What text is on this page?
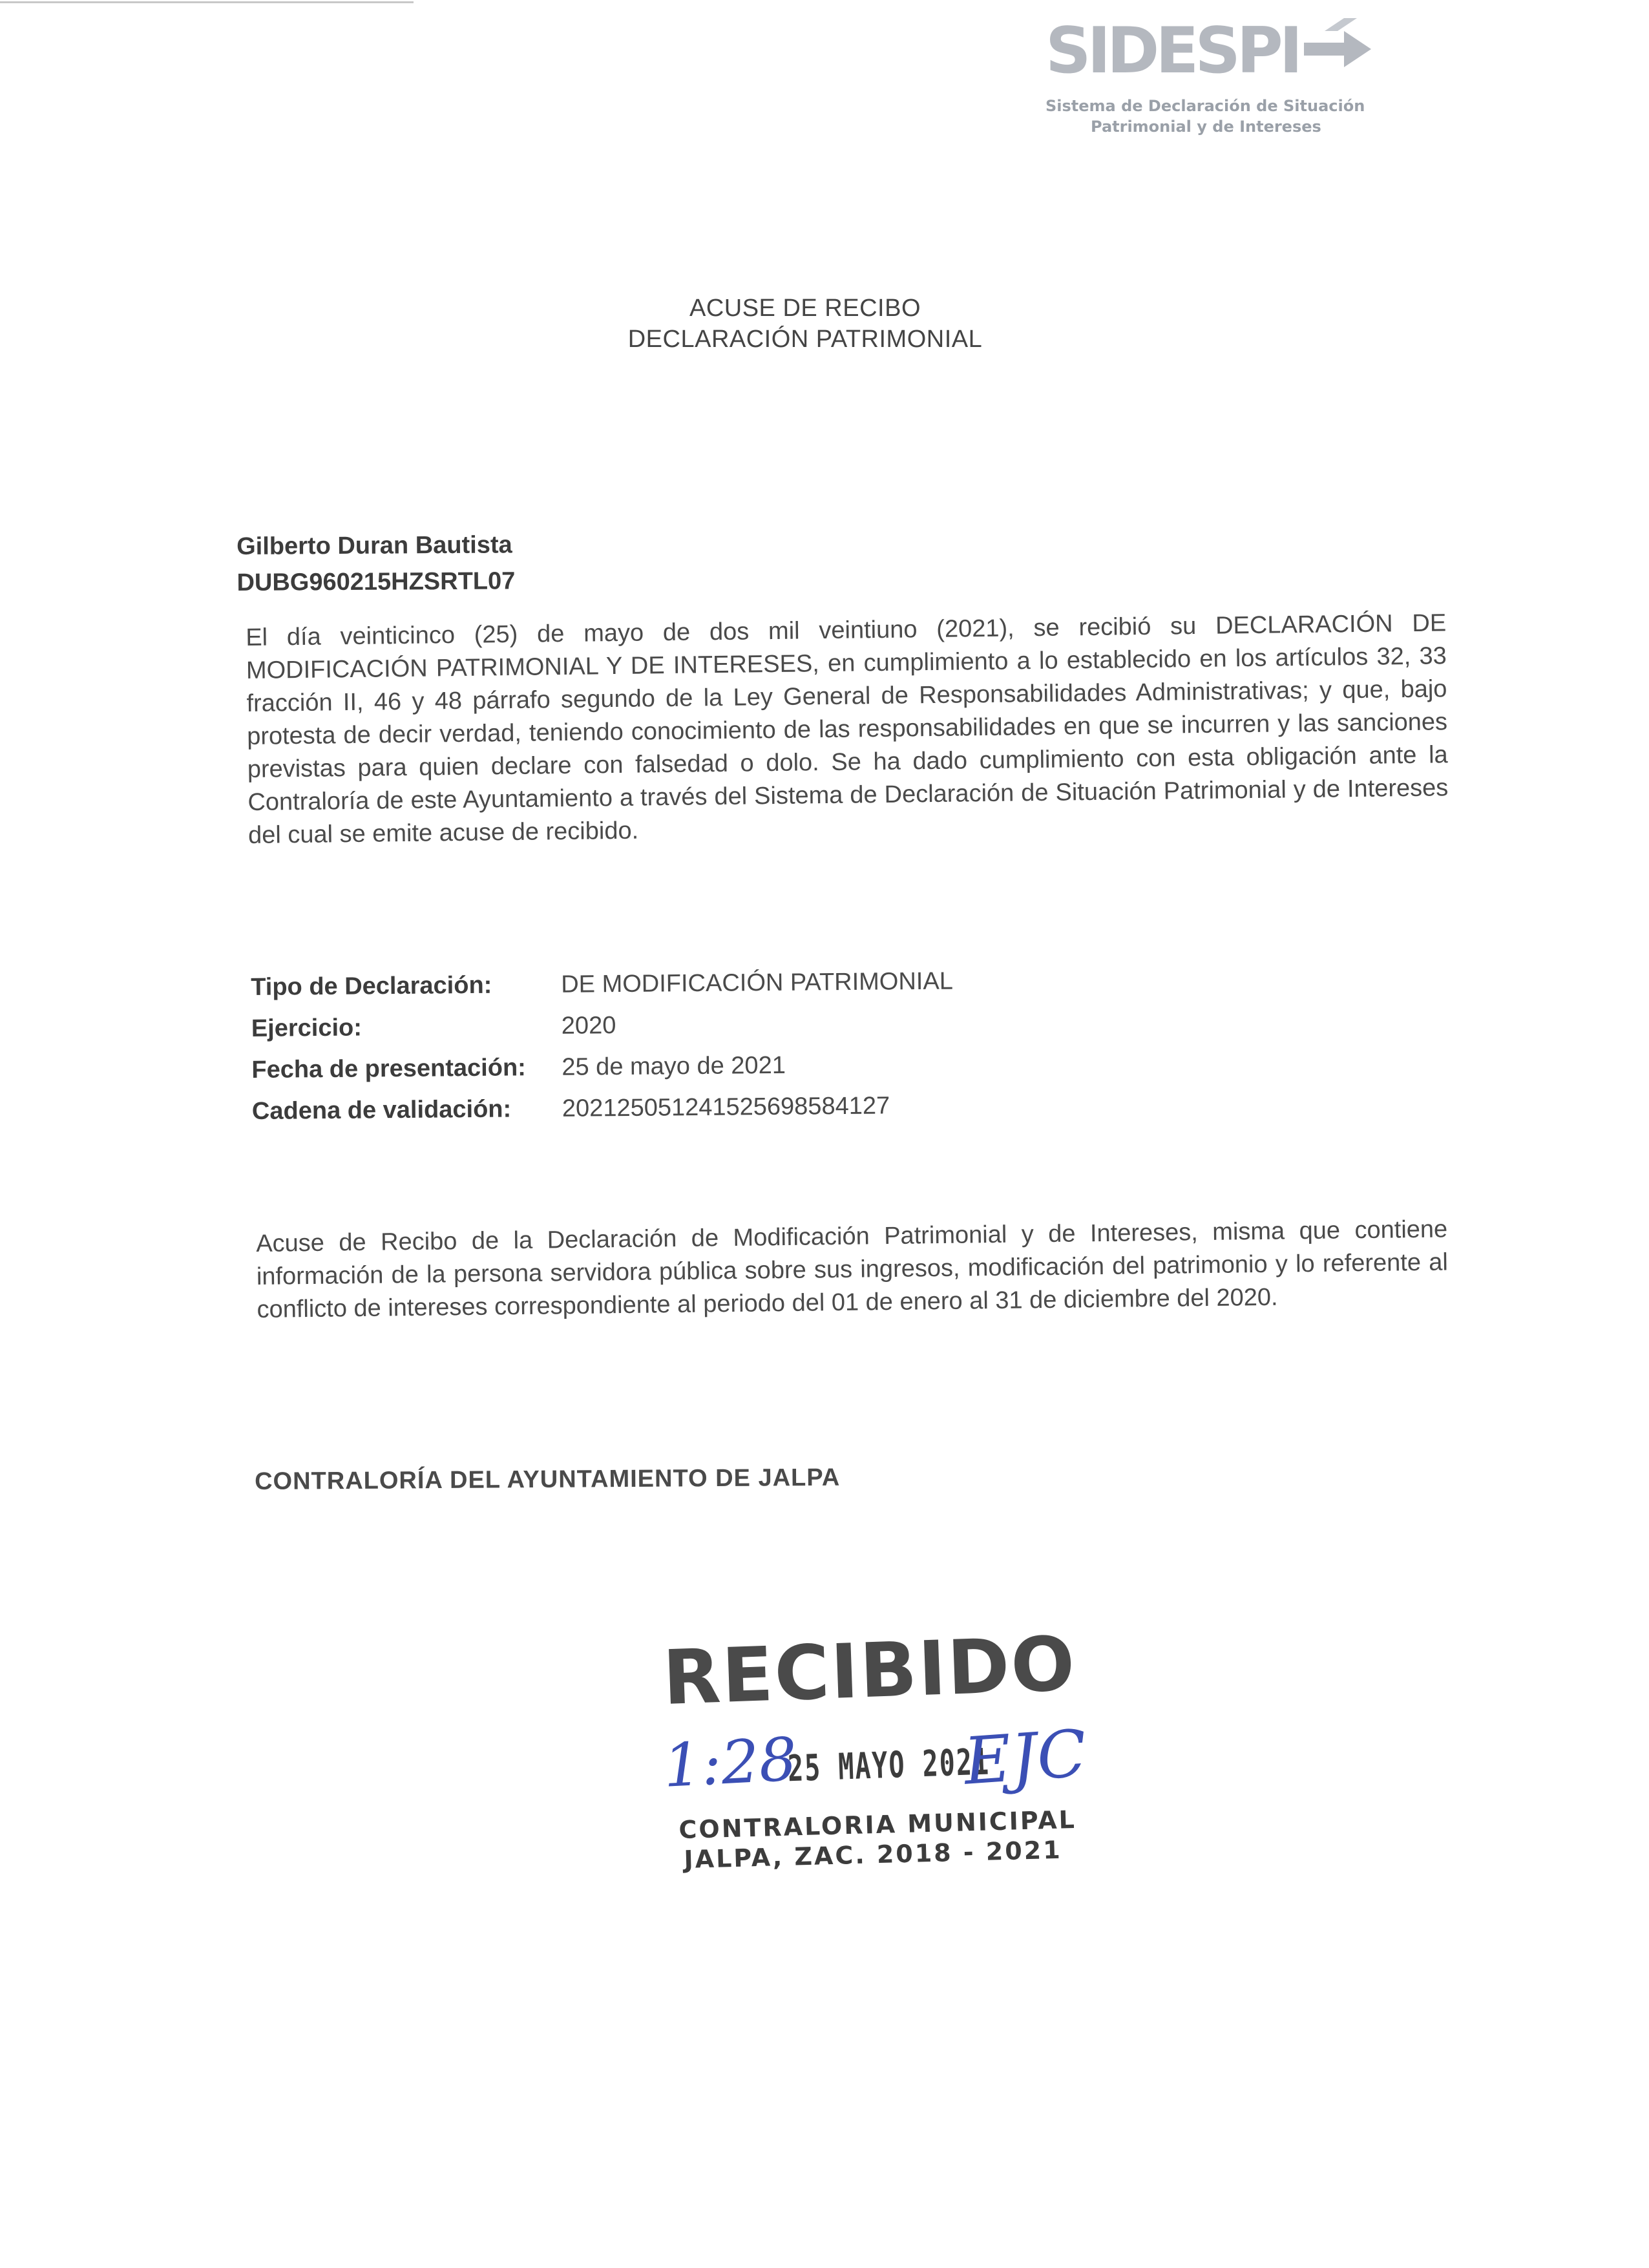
SIDESPI
Sistema de Declaración de Situación
Patrimonial y de Intereses
ACUSE DE RECIBO
DECLARACIÓN PATRIMONIAL
Gilberto Duran Bautista
DUBG960215HZSRTL07
El día veinticinco (25) de mayo de dos mil veintiuno (2021), se recibió su DECLARACIÓN DE MODIFICACIÓN PATRIMONIAL Y DE INTERESES, en cumplimiento a lo establecido en los artículos 32, 33 fracción II, 46 y 48 párrafo segundo de la Ley General de Responsabilidades Administrativas; y que, bajo protesta de decir verdad, teniendo conocimiento de las responsabilidades en que se incurren y las sanciones previstas para quien declare con falsedad o dolo. Se ha dado cumplimiento con esta obligación ante la Contraloría de este Ayuntamiento a través del Sistema de Declaración de Situación Patrimonial y de Intereses del cual se emite acuse de recibido.
Tipo de Declaración:	DE MODIFICACIÓN PATRIMONIAL
Ejercicio:	2020
Fecha de presentación:	25 de mayo de 2021
Cadena de validación:	20212505124152569858412​7
Acuse de Recibo de la Declaración de Modificación Patrimonial y de Intereses, misma que contiene información de la persona servidora pública sobre sus ingresos, modificación del patrimonio y lo referente al conflicto de intereses correspondiente al periodo del 01 de enero al 31 de diciembre del 2020.
CONTRALORÍA DEL AYUNTAMIENTO DE JALPA
RECIBIDO
1:28
25 MAYO 2021
EJC
CONTRALORIA MUNICIPAL
JALPA, ZAC. 2018 - 2021
